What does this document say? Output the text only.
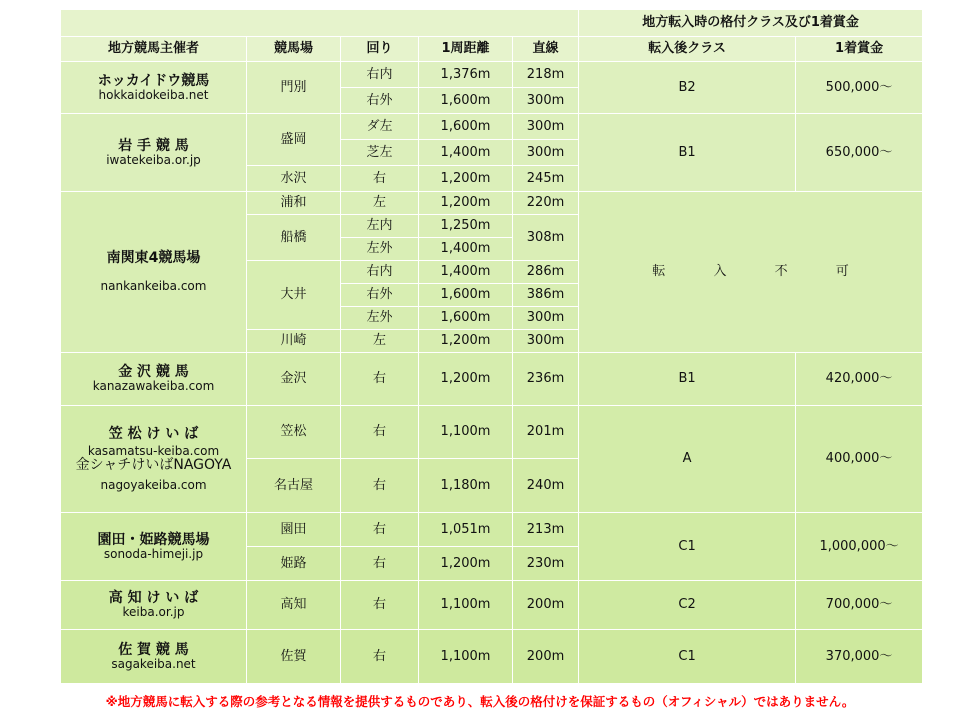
					地方転入時の格付クラス及び1着賞金	
地方競馬主催者	競馬場	回り	1周距離	直線	転入後クラス	1着賞金

ホッカイドウ競馬
hokkaidokeiba.net	門別	右内	1,376m	218m	B2	500,000～
		右外	1,600m	300m		

岩 手 競 馬
iwatekeiba.or.jp	盛岡	ダ左	1,600m	300m	B1	650,000～
		芝左	1,400m	300m		
	水沢	右	1,200m	245m		

南関東4競馬場
nankankeiba.com	浦和	左	1,200m	220m	転 入 不 可	
	船橋	左内	1,250m	308m		
		左外	1,400m			
	大井	右内	1,400m	286m		
		右外	1,600m	386m		
		左外	1,600m	300m		
	川崎	左	1,200m	300m		

金 沢 競 馬
kanazawakeiba.com	金沢	右	1,200m	236m	B1	420,000～

笠 松 け い ば
kasamatsu-keiba.com
金シャチけいばNAGOYA
nagoyakeiba.com	笠松	右	1,100m	201m	A	400,000～
	名古屋	右	1,180m	240m		

園田・姫路競馬場
sonoda-himeji.jp	園田	右	1,051m	213m	C1	1,000,000～
	姫路	右	1,200m	230m		

高 知 け い ば
keiba.or.jp	高知	右	1,100m	200m	C2	700,000～

佐 賀 競 馬
sagakeiba.net	佐賀	右	1,100m	200m	C1	370,000～
※地方競馬に転入する際の参考となる情報を提供するものであり、転入後の格付けを保証するもの（オフィシャル）ではありません。
